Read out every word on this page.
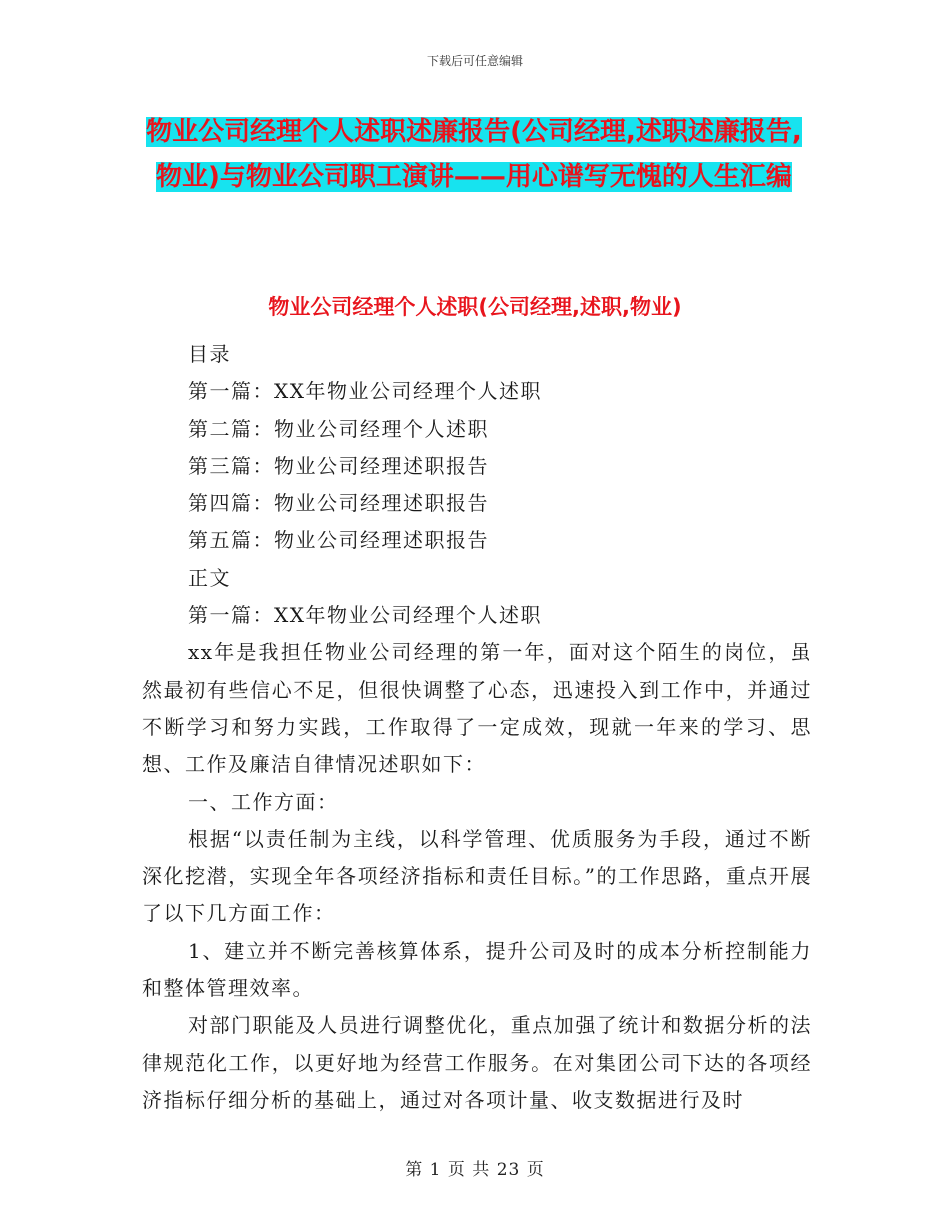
下载后可任意编辑
物业公司经理个人述职述廉报告(公司经理,述职述廉报告,物业)与物业公司职工演讲——用心谱写无愧的人生汇编
物业公司经理个人述职(公司经理,述职,物业)

目录

第一篇：XX年物业公司经理个人述职

第二篇：物业公司经理个人述职

第三篇：物业公司经理述职报告

第四篇：物业公司经理述职报告

第五篇：物业公司经理述职报告

正文

第一篇：XX年物业公司经理个人述职

xx年是我担任物业公司经理的第一年，面对这个陌生的岗位，虽然最初有些信心不足，但很快调整了心态，迅速投入到工作中，并通过不断学习和努力实践，工作取得了一定成效，现就一年来的学习、思想、工作及廉洁自律情况述职如下：

一、工作方面：

根据“以责任制为主线，以科学管理、优质服务为手段，通过不断深化挖潜，实现全年各项经济指标和责任目标。”的工作思路，重点开展了以下几方面工作：

1、建立并不断完善核算体系，提升公司及时的成本分析控制能力和整体管理效率。

对部门职能及人员进行调整优化，重点加强了统计和数据分析的法律规范化工作，以更好地为经营工作服务。在对集团公司下达的各项经济指标仔细分析的基础上，通过对各项计量、收支数据进行及时

第 1 页 共 23 页
